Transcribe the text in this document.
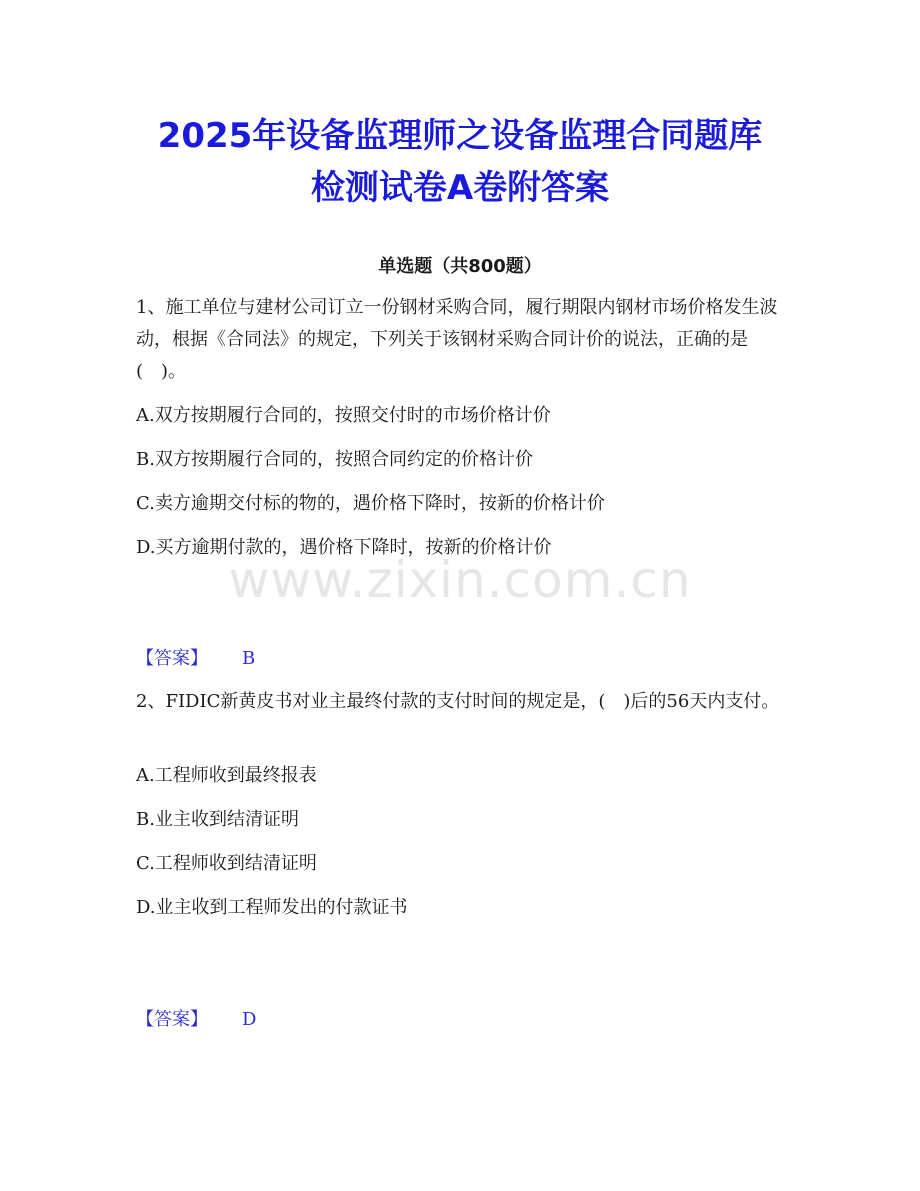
2025年设备监理师之设备监理合同题库
检测试卷A卷附答案
单选题（共800题）

1、施工单位与建材公司订立一份钢材采购合同，履行期限内钢材市场价格发生波动，根据《合同法》的规定，下列关于该钢材采购合同计价的说法，正确的是(　)。

A.双方按期履行合同的，按照交付时的市场价格计价

B.双方按期履行合同的，按照合同约定的价格计价

C.卖方逾期交付标的物的，遇价格下降时，按新的价格计价

D.买方逾期付款的，遇价格下降时，按新的价格计价

www.zixin.com.cn

【答案】 B

2、FIDIC新黄皮书对业主最终付款的支付时间的规定是，(　)后的56天内支付。

A.工程师收到最终报表

B.业主收到结清证明

C.工程师收到结清证明

D.业主收到工程师发出的付款证书

【答案】 D
